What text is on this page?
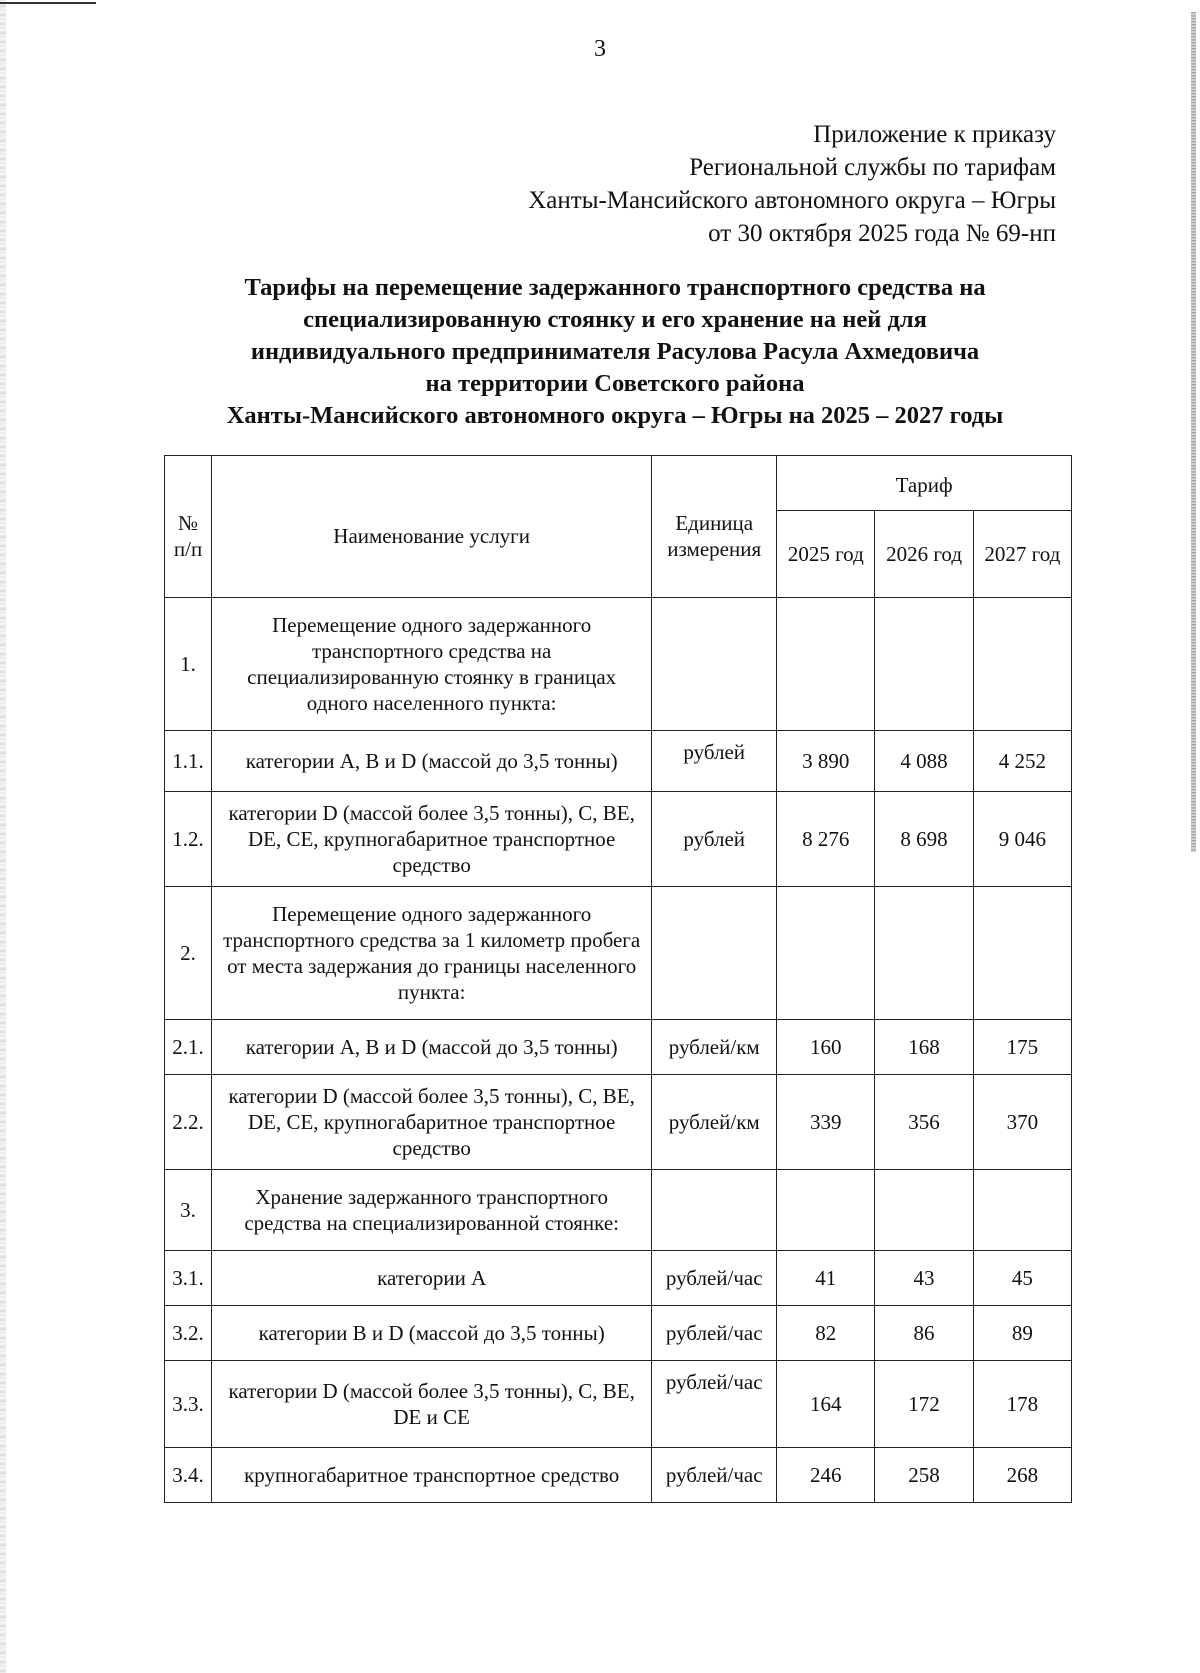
3
Приложение к приказу
Региональной службы по тарифам
Ханты-Мансийского автономного округа – Югры
от 30 октября 2025 года № 69-нп
Тарифы на перемещение задержанного транспортного средства на
специализированную стоянку и его хранение на ней для
индивидуального предпринимателя Расулова Расула Ахмедовича
на территории Советского района
Ханты-Мансийского автономного округа – Югры на 2025 – 2027 годы
№ п/п	Наименование услуги	Единица измерения	Тариф		
			2025 год	2026 год	2027 год
1.	Перемещение одного задержанного транспортного средства на специализированную стоянку в границах одного населенного пункта:				
1.1.	категории А, В и D (массой до 3,5 тонны)	рублей	3 890	4 088	4 252
1.2.	категории D (массой более 3,5 тонны), С, ВЕ, DЕ, СЕ, крупногабаритное транспортное средство	рублей	8 276	8 698	9 046
2.	Перемещение одного задержанного транспортного средства за 1 километр пробега от места задержания до границы населенного пункта:				
2.1.	категории А, В и D (массой до 3,5 тонны)	рублей/км	160	168	175
2.2.	категории D (массой более 3,5 тонны), С, ВЕ, DЕ, СЕ, крупногабаритное транспортное средство	рублей/км	339	356	370
3.	Хранение задержанного транспортного средства на специализированной стоянке:				
3.1.	категории А	рублей/час	41	43	45
3.2.	категории В и D (массой до 3,5 тонны)	рублей/час	82	86	89
3.3.	категории D (массой более 3,5 тонны), С, ВЕ, DЕ и СЕ	рублей/час	164	172	178
3.4.	крупногабаритное транспортное средство	рублей/час	246	258	268
